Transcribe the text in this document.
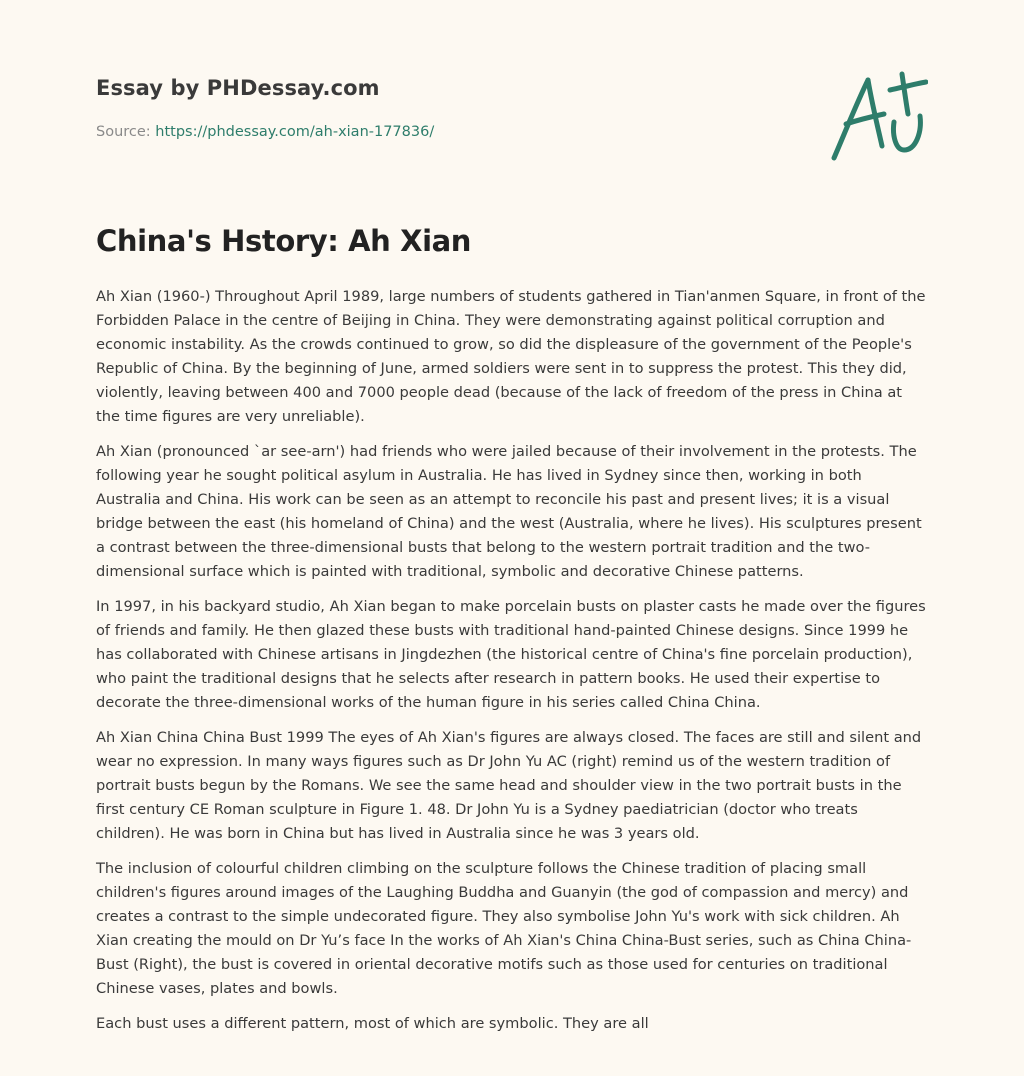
Essay by PHDessay.com
Source: https://phdessay.com/ah-xian-177836/
China's Hstory: Ah Xian

Ah Xian (1960-) Throughout April 1989, large numbers of students gathered in Tian'anmen Square, in front of the Forbidden Palace in the centre of Beijing in China. They were demonstrating against political corruption and economic instability. As the crowds continued to grow, so did the displeasure of the government of the People's Republic of China. By the beginning of June, armed soldiers were sent in to suppress the protest. This they did, violently, leaving between 400 and 7000 people dead (because of the lack of freedom of the press in China at the time figures are very unreliable).

Ah Xian (pronounced `ar see-arn') had friends who were jailed because of their involvement in the protests. The following year he sought political asylum in Australia. He has lived in Sydney since then, working in both Australia and China. His work can be seen as an attempt to reconcile his past and present lives; it is a visual bridge between the east (his homeland of China) and the west (Australia, where he lives). His sculptures present a contrast between the three-dimensional busts that belong to the western portrait tradition and the two-dimensional surface which is painted with traditional, symbolic and decorative Chinese patterns.

In 1997, in his backyard studio, Ah Xian began to make porcelain busts on plaster casts he made over the figures of friends and family. He then glazed these busts with traditional hand-painted Chinese designs. Since 1999 he has collaborated with Chinese artisans in Jingdezhen (the historical centre of China's fine porcelain production), who paint the traditional designs that he selects after research in pattern books. He used their expertise to decorate the three-dimensional works of the human figure in his series called China China.

Ah Xian China China Bust 1999 The eyes of Ah Xian's figures are always closed. The faces are still and silent and wear no expression. In many ways figures such as Dr John Yu AC (right) remind us of the western tradition of portrait busts begun by the Romans. We see the same head and shoulder view in the two portrait busts in the first century CE Roman sculpture in Figure 1. 48. Dr John Yu is a Sydney paediatrician (doctor who treats children). He was born in China but has lived in Australia since he was 3 years old.

The inclusion of colourful children climbing on the sculpture follows the Chinese tradition of placing small children's figures around images of the Laughing Buddha and Guanyin (the god of compassion and mercy) and creates a contrast to the simple undecorated figure. They also symbolise John Yu's work with sick children. Ah Xian creating the mould on Dr Yu’s face In the works of Ah Xian's China China-Bust series, such as China China-Bust (Right), the bust is covered in oriental decorative motifs such as those used for centuries on traditional Chinese vases, plates and bowls.

Each bust uses a different pattern, most of which are symbolic. They are all
